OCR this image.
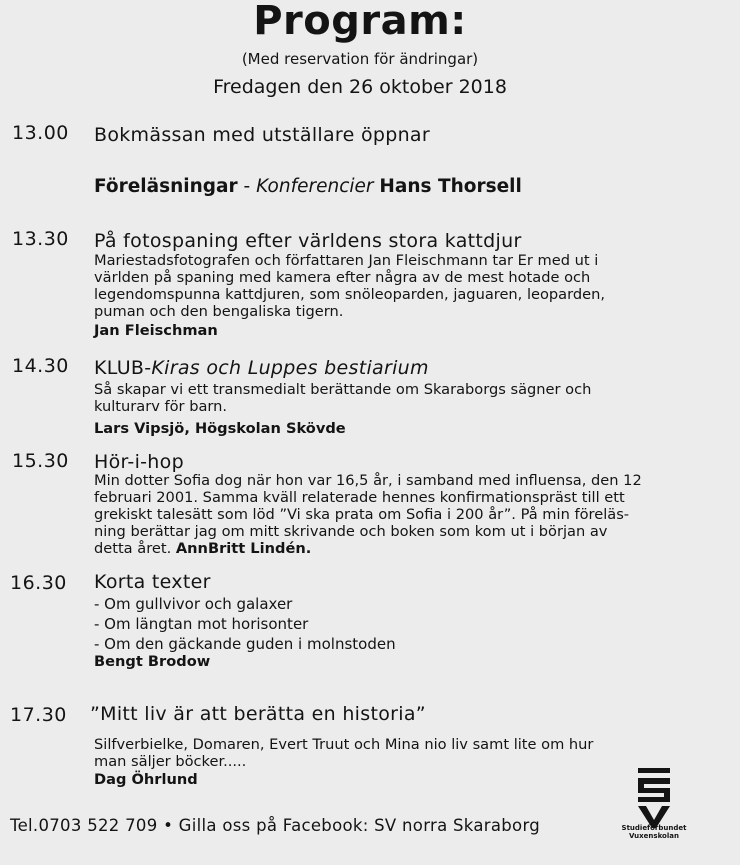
Program:
(Med reservation för ändringar)
Fredagen den 26 oktober 2018
13.00 Bokmässan med utställare öppnar
Föreläsningar - Konferencier Hans Thorsell
13.30 På fotospaning efter världens stora kattdjur
Mariestadsfotografen och författaren Jan Fleischmann tar Er med ut i
världen på spaning med kamera efter några av de mest hotade och
legendomspunna kattdjuren, som snöleoparden, jaguaren, leoparden,
puman och den bengaliska tigern.
Jan Fleischman
14.30 KLUB-Kiras och Luppes bestiarium
Så skapar vi ett transmedialt berättande om Skaraborgs sägner och
kulturarv för barn.
Lars Vipsjö, Högskolan Skövde
15.30 Hör-i-hop
Min dotter Sofia dog när hon var 16,5 år, i samband med influensa, den 12
februari 2001. Samma kväll relaterade hennes konfirmationspräst till ett
grekiskt talesätt som löd ”Vi ska prata om Sofia i 200 år”. På min föreläs-
ning berättar jag om mitt skrivande och boken som kom ut i början av
detta året. AnnBritt Lindén.
16.30 Korta texter
- Om gullvivor och galaxer
- Om längtan mot horisonter
- Om den gäckande guden i molnstoden
Bengt Brodow
17.30 ”Mitt liv är att berätta en historia”
Silfverbielke, Domaren, Evert Truut och Mina nio liv samt lite om hur
man säljer böcker.....
Dag Öhrlund
Tel.0703 522 709 • Gilla oss på Facebook: SV norra Skaraborg	Studieförbundet
Vuxenskolan
